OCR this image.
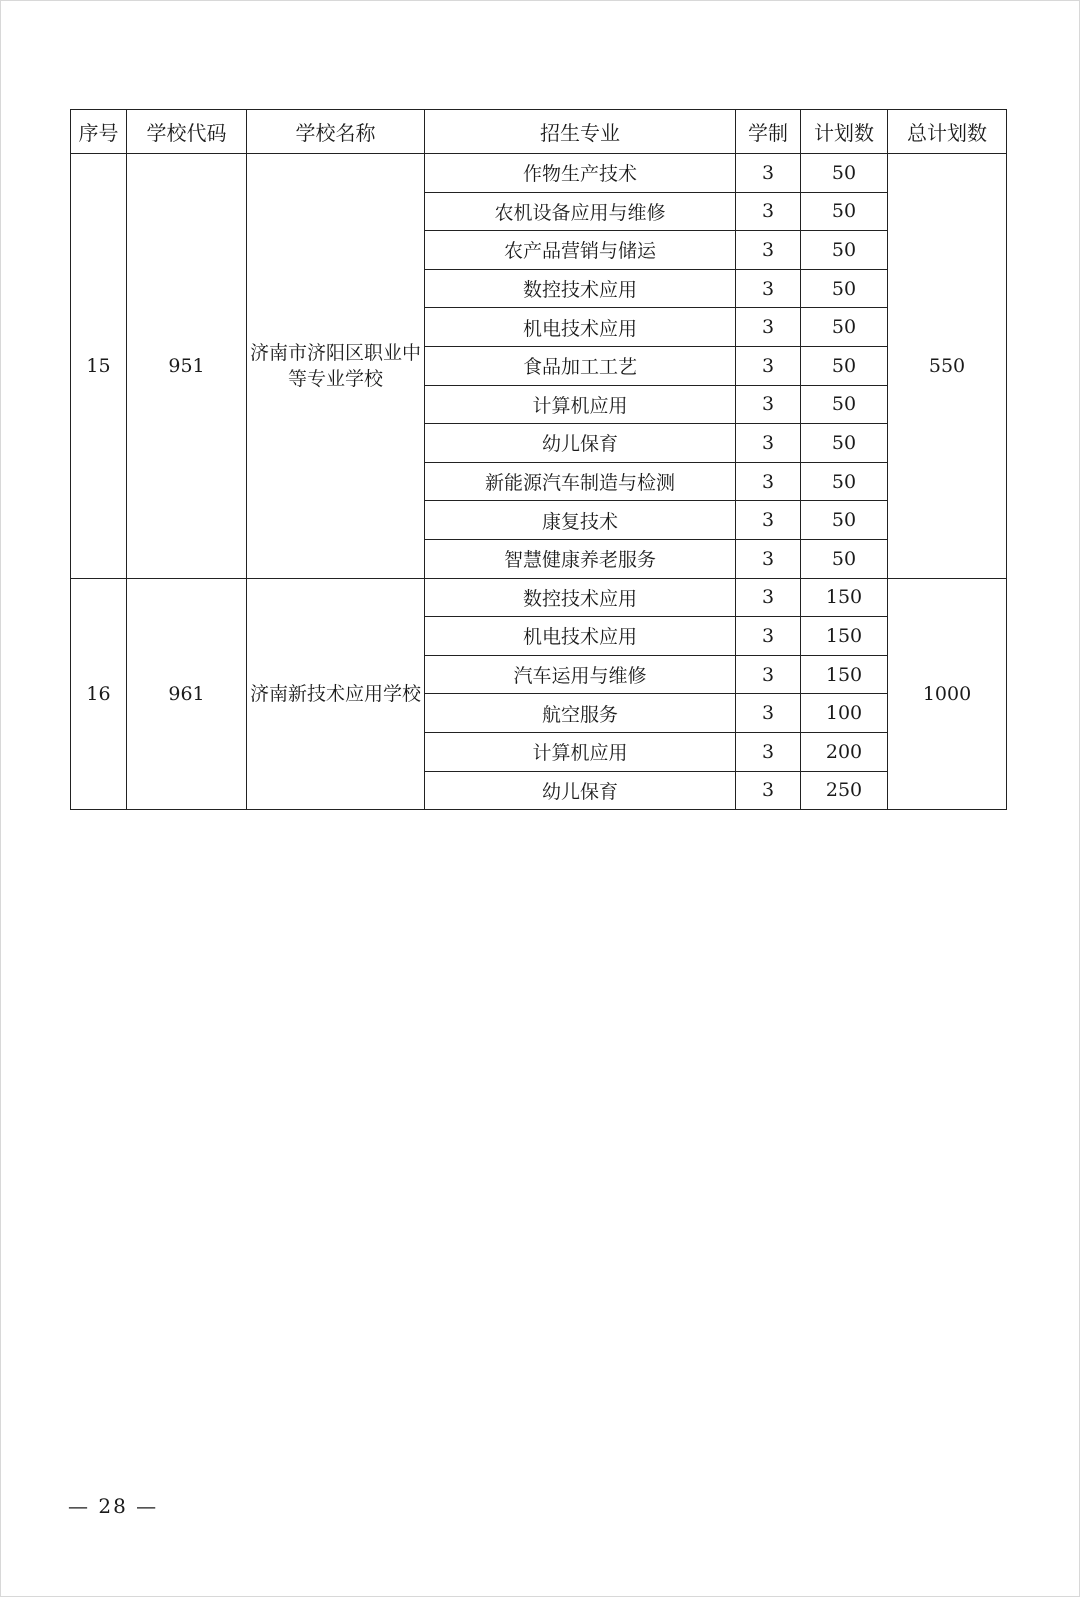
序号	学校代码	学校名称	招生专业	学制	计划数	总计划数
15	951	济南市济阳区职业中等专业学校	作物生产技术	3	50	550
			农机设备应用与维修	3	50	
			农产品营销与储运	3	50	
			数控技术应用	3	50	
			机电技术应用	3	50	
			食品加工工艺	3	50	
			计算机应用	3	50	
			幼儿保育	3	50	
			新能源汽车制造与检测	3	50	
			康复技术	3	50	
			智慧健康养老服务	3	50	
16	961	济南新技术应用学校	数控技术应用	3	150	1000
			机电技术应用	3	150	
			汽车运用与维修	3	150	
			航空服务	3	100	
			计算机应用	3	200	
			幼儿保育	3	250	
— 28 —
